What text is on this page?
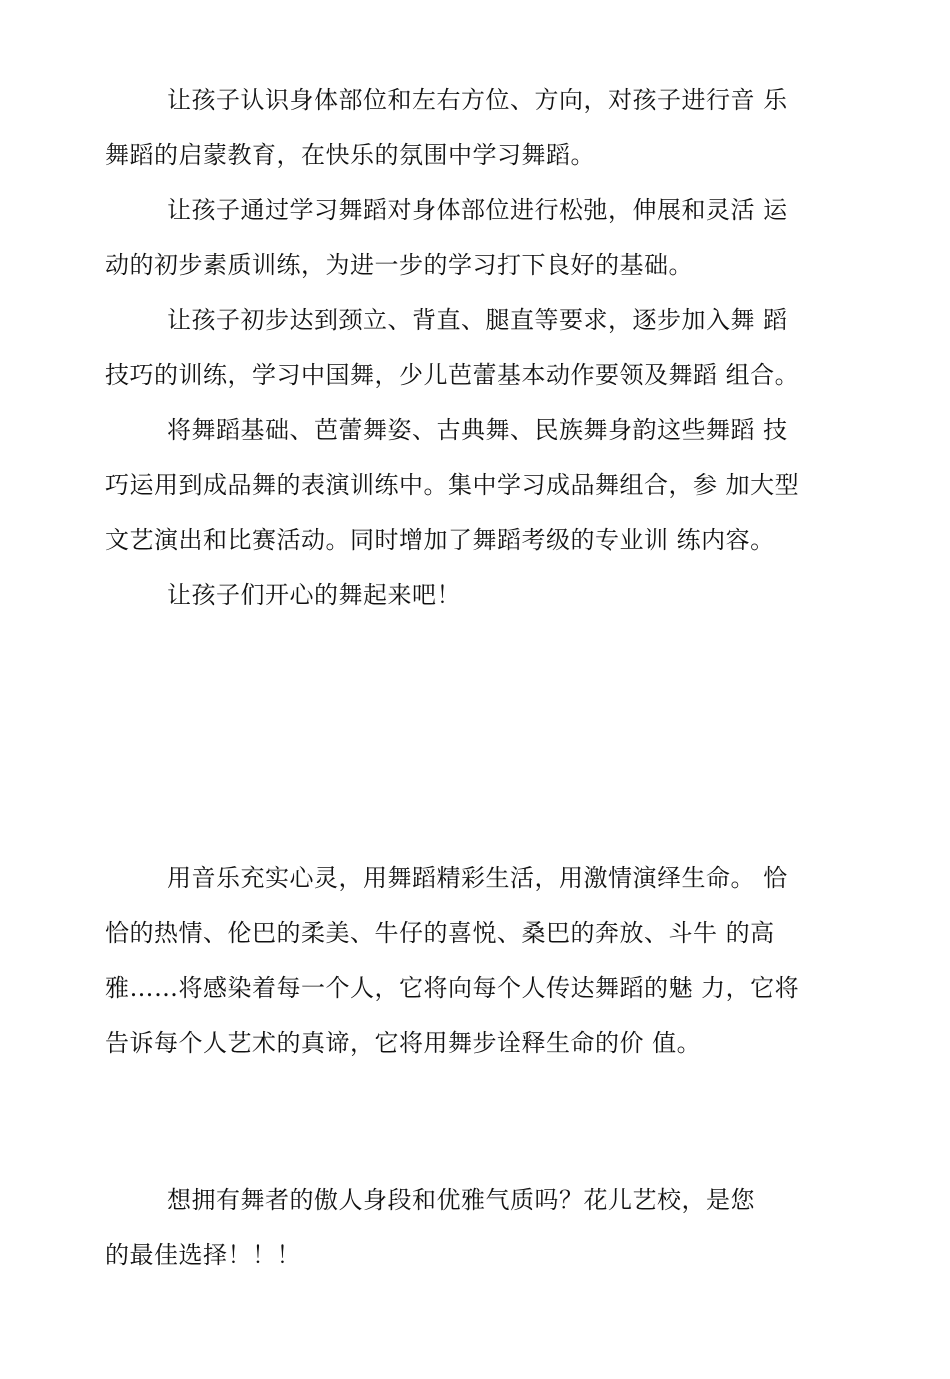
让孩子认识身体部位和左右方位、方向，对孩子进行音 乐
舞蹈的启蒙教育，在快乐的氛围中学习舞蹈。
让孩子通过学习舞蹈对身体部位进行松弛，伸展和灵活 运
动的初步素质训练，为进一步的学习打下良好的基础。
让孩子初步达到颈立、背直、腿直等要求，逐步加入舞 蹈
技巧的训练，学习中国舞，少儿芭蕾基本动作要领及舞蹈 组合。
将舞蹈基础、芭蕾舞姿、古典舞、民族舞身韵这些舞蹈 技
巧运用到成品舞的表演训练中。集中学习成品舞组合，参 加大型
文艺演出和比赛活动。同时增加了舞蹈考级的专业训 练内容。
让孩子们开心的舞起来吧！
用音乐充实心灵，用舞蹈精彩生活，用激情演绎生命。 恰
恰的热情、伦巴的柔美、牛仔的喜悦、桑巴的奔放、斗牛 的高
雅……将感染着每一个人，它将向每个人传达舞蹈的魅 力，它将
告诉每个人艺术的真谛，它将用舞步诠释生命的价 值。
想拥有舞者的傲人身段和优雅气质吗？花儿艺校，是您
的最佳选择！！！
